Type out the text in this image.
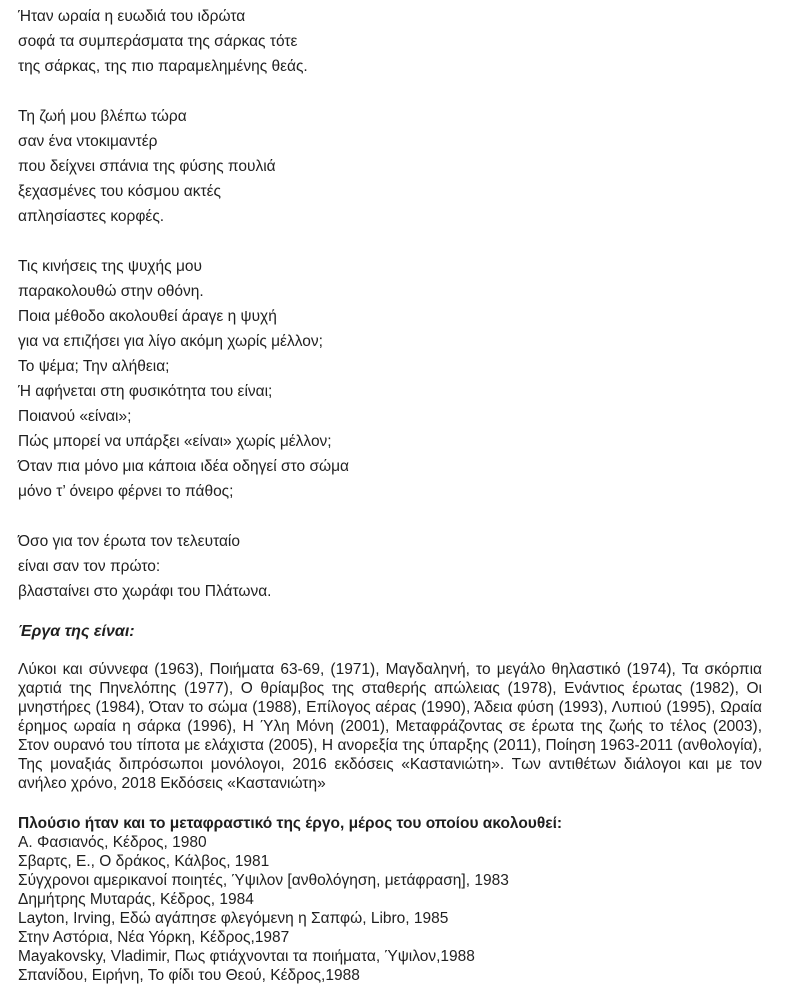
Ήταν ωραία η ευωδιά του ιδρώτα
σοφά τα συμπεράσματα της σάρκας τότε
της σάρκας, της πιο παραμελημένης θεάς.
Τη ζωή μου βλέπω τώρα
σαν ένα ντοκιμαντέρ
που δείχνει σπάνια της φύσης πουλιά
ξεχασμένες του κόσμου ακτές
απλησίαστες κορφές.
Τις κινήσεις της ψυχής μου
παρακολουθώ στην οθόνη.
Ποια μέθοδο ακολουθεί άραγε η ψυχή
για να επιζήσει για λίγο ακόμη χωρίς μέλλον;
Το ψέμα; Την αλήθεια;
Ή αφήνεται στη φυσικότητα του είναι;
Ποιανού «είναι»;
Πώς μπορεί να υπάρξει «είναι» χωρίς μέλλον;
Όταν πια μόνο μια κάποια ιδέα οδηγεί στο σώμα
μόνο τ’ όνειρο φέρνει το πάθος;
Όσο για τον έρωτα τον τελευταίο
είναι σαν τον πρώτο:
βλασταίνει στο χωράφι του Πλάτωνα.
Έργα της είναι:
Λύκοι και σύννεφα (1963), Ποιήματα 63-69, (1971), Μαγδαληνή, το μεγάλο θηλαστικό (1974), Τα σκόρπια χαρτιά της Πηνελόπης (1977), Ο θρίαμβος της σταθερής απώλειας (1978), Ενάντιος έρωτας (1982), Οι μνηστήρες (1984), Όταν το σώμα (1988), Επίλογος αέρας (1990), Άδεια φύση (1993), Λυπιού (1995), Ωραία έρημος ωραία η σάρκα (1996), Η Ύλη Μόνη (2001), Μεταφράζοντας σε έρωτα της ζωής το τέλος (2003), Στον ουρανό του τίποτα με ελάχιστα (2005), Η ανορεξία της ύπαρξης (2011), Ποίηση 1963-2011 (ανθολογία), Της μοναξιάς διπρόσωποι μονόλογοι, 2016 εκδόσεις «Καστανιώτη». Των αντιθέτων διάλογοι και με τον ανήλεο χρόνο, 2018 Εκδόσεις «Καστανιώτη»
Πλούσιο ήταν και το μεταφραστικό της έργο, μέρος του οποίου ακολουθεί:
Α. Φασιανός, Κέδρος, 1980
Σβαρτς, Ε., Ο δράκος, Κάλβος, 1981
Σύγχρονοι αμερικανοί ποιητές, Ύψιλον [ανθολόγηση, μετάφραση], 1983
Δημήτρης Μυταράς, Κέδρος, 1984
Layton, Irving, Εδώ αγάπησε φλεγόμενη η Σαπφώ, Libro, 1985
Στην Αστόρια, Νέα Υόρκη, Κέδρος,1987
Mayakovsky, Vladimir, Πως φτιάχνονται τα ποιήματα, Ύψιλον,1988
Σπανίδου, Ειρήνη, Το φίδι του Θεού, Κέδρος,1988
